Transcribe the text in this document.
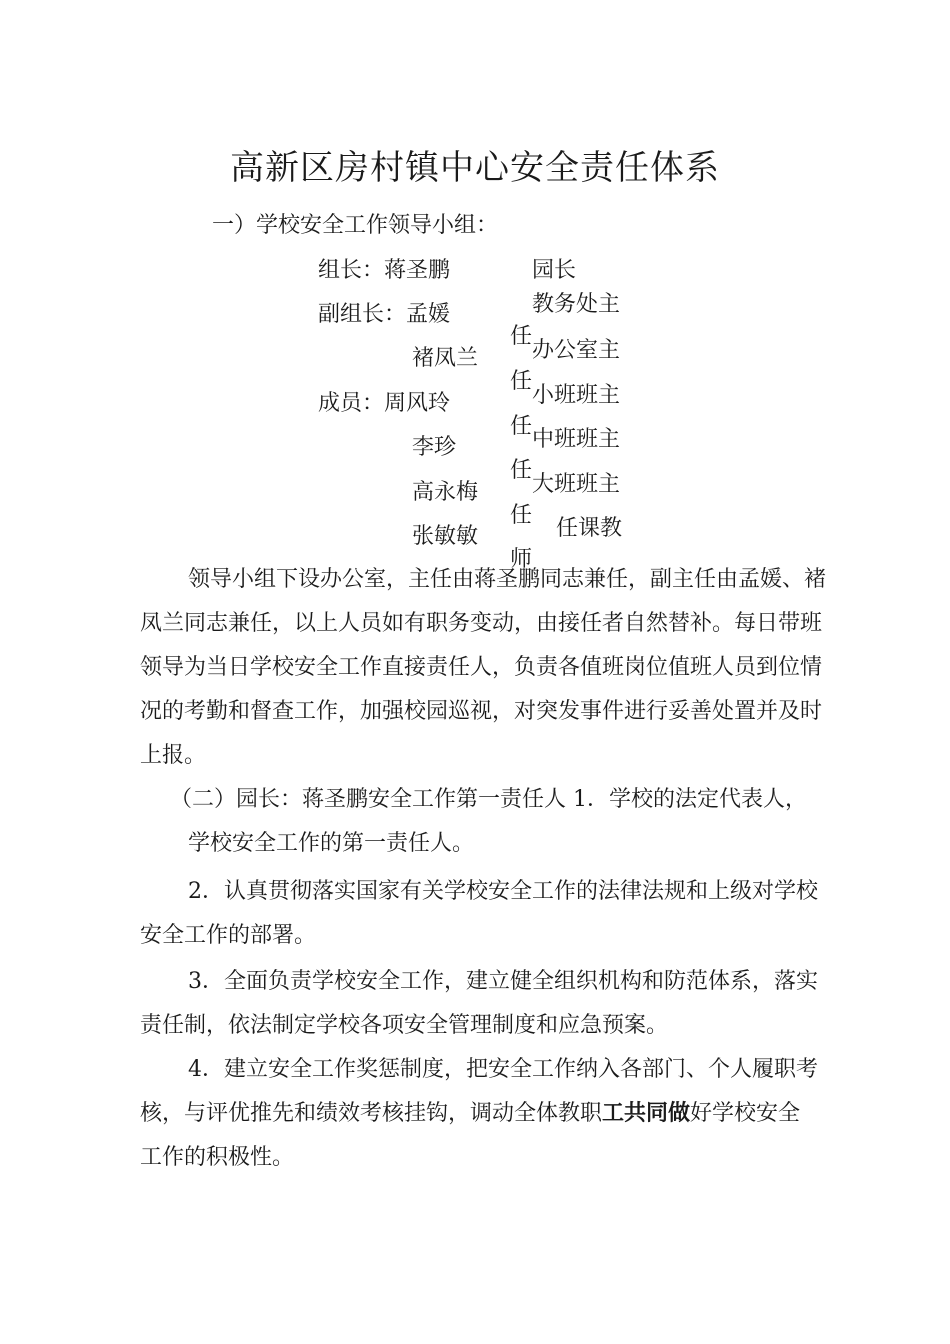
高新区房村镇中心安全责任体系
一）学校安全工作领导小组：
组长：蒋圣鹏	园长
副组长：孟媛	教务处主
任
褚凤兰 办公室主
任
成员：周风玲	小班班主
任
李珍	中班班主
任
高永梅 大班班主
任
张敏敏	任课教
师

领导小组下设办公室，主任由蒋圣鹏同志兼任，副主任由孟媛、褚凤兰同志兼任，以上人员如有职务变动，由接任者自然替补。每日带班领导为当日学校安全工作直接责任人，负责各值班岗位值班人员到位情况的考勤和督查工作，加强校园巡视，对突发事件进行妥善处置并及时上报。

（二）园长：蒋圣鹏安全工作第一责任人 1．学校的法定代表人，

学校安全工作的第一责任人。

2．认真贯彻落实国家有关学校安全工作的法律法规和上级对学校安全工作的部署。

3．全面负责学校安全工作，建立健全组织机构和防范体系，落实责任制，依法制定学校各项安全管理制度和应急预案。

4．建立安全工作奖惩制度，把安全工作纳入各部门、个人履职考核，与评优推先和绩效考核挂钩，调动全体教职工共同做好学校安全工作的积极性。
